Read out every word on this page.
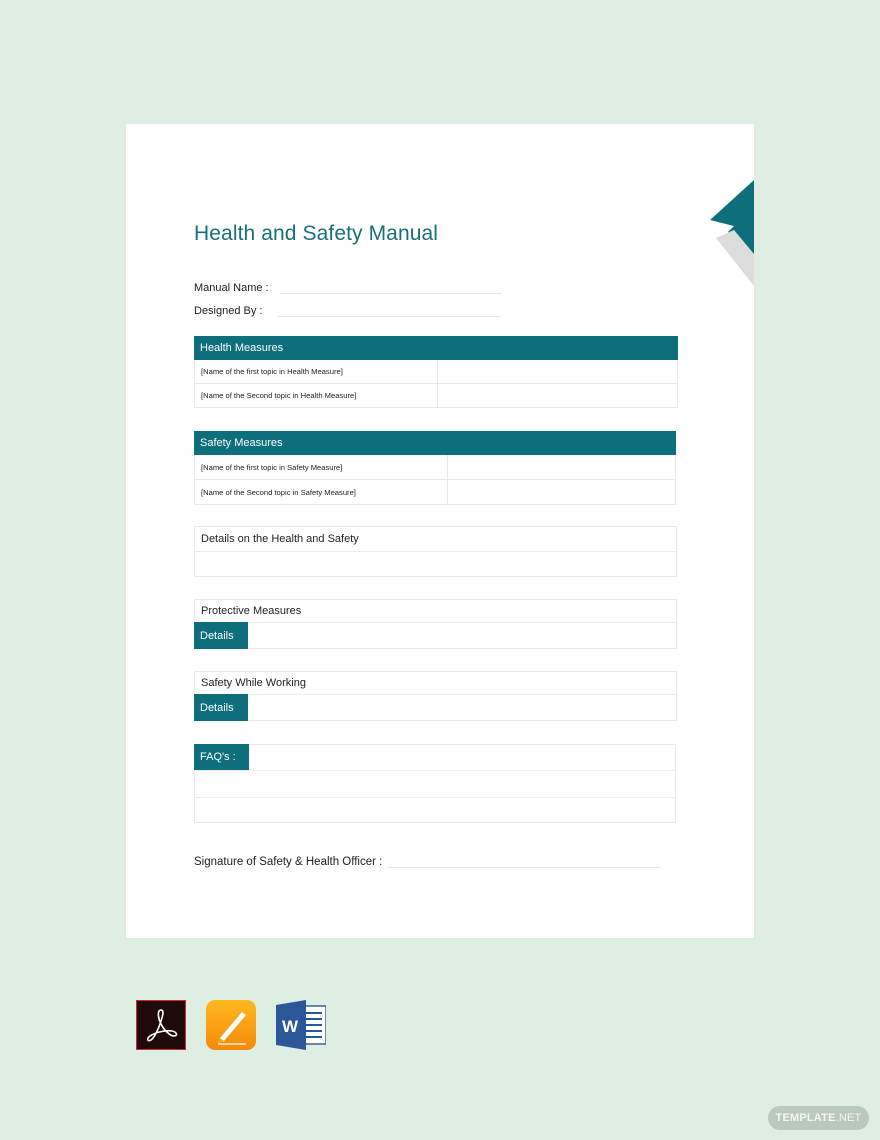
Health and Safety Manual
Manual Name :
Designed By :
Health Measures
[Name of the first topic in Health Measure]
[Name of the Second topic in Health Measure]
Safety Measures
[Name of the first topic in Safety Measure]
[Name of the Second topic in Safety Measure]
Details on the Health and Safety
Protective Measures
Details
Safety While Working
Details
FAQ's :
Signature of Safety & Health Officer :
W
TEMPLATE .NET
